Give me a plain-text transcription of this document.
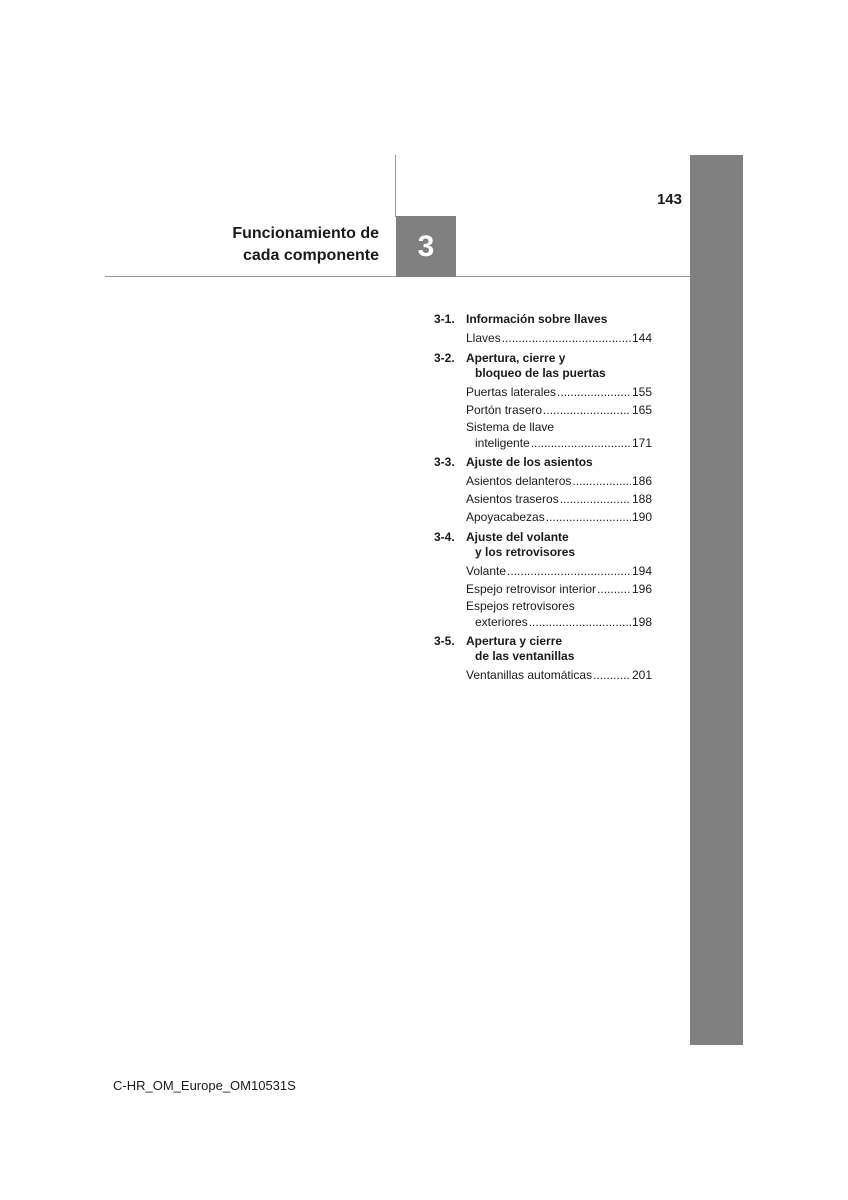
143
Funcionamiento de
cada componente 3
3-1. Información sobre llaves
Llaves .....	144
3-2. Apertura, cierre y
bloqueo de las puertas
Puertas laterales .....	155
Portón trasero .....	165
Sistema de llave
inteligente .....	171
3-3. Ajuste de los asientos
Asientos delanteros .....	186
Asientos traseros .....	188
Apoyacabezas .....	190
3-4. Ajuste del volante
y los retrovisores
Volante .....	194
Espejo retrovisor interior .....	196
Espejos retrovisores
exteriores .....	198
3-5. Apertura y cierre
de las ventanillas
Ventanillas automáticas .....	201
C-HR_OM_Europe_OM10531S
